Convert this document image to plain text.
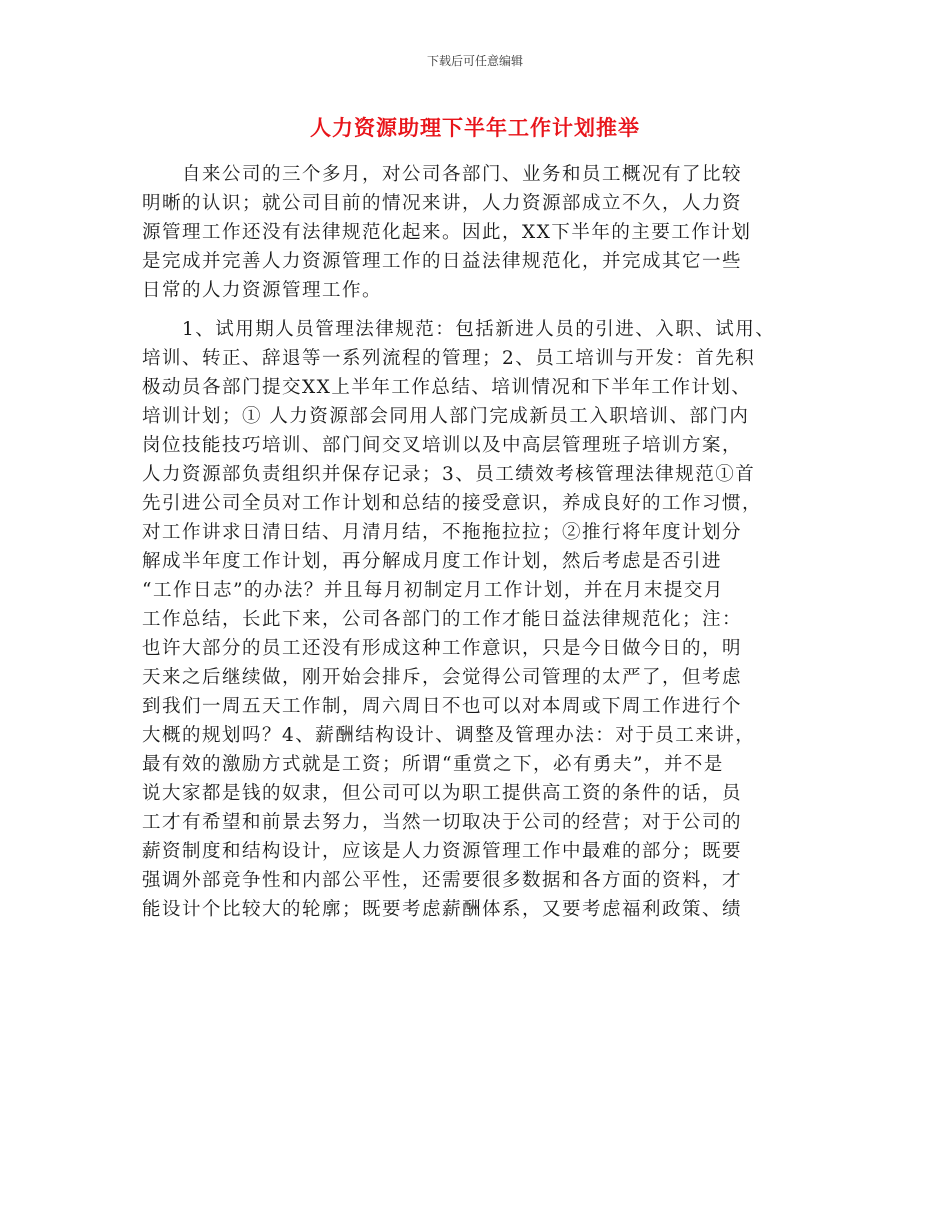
下载后可任意编辑
人力资源助理下半年工作计划推举
自来公司的三个多月，对公司各部门、业务和员工概况有了比较
明晰的认识；就公司目前的情况来讲，人力资源部成立不久，人力资
源管理工作还没有法律规范化起来。因此，XX下半年的主要工作计划
是完成并完善人力资源管理工作的日益法律规范化，并完成其它一些
日常的人力资源管理工作。
1、试用期人员管理法律规范：包括新进人员的引进、入职、试用、
培训、转正、辞退等一系列流程的管理；2、员工培训与开发：首先积
极动员各部门提交XX上半年工作总结、培训情况和下半年工作计划、
培训计划；① 人力资源部会同用人部门完成新员工入职培训、部门内
岗位技能技巧培训、部门间交叉培训以及中高层管理班子培训方案，
人力资源部负责组织并保存记录；3、员工绩效考核管理法律规范①首
先引进公司全员对工作计划和总结的接受意识，养成良好的工作习惯，
对工作讲求日清日结、月清月结，不拖拖拉拉；②推行将年度计划分
解成半年度工作计划，再分解成月度工作计划，然后考虑是否引进
“工作日志”的办法？并且每月初制定月工作计划，并在月末提交月
工作总结，长此下来，公司各部门的工作才能日益法律规范化；注：
也许大部分的员工还没有形成这种工作意识，只是今日做今日的，明
天来之后继续做，刚开始会排斥，会觉得公司管理的太严了，但考虑
到我们一周五天工作制，周六周日不也可以对本周或下周工作进行个
大概的规划吗？4、薪酬结构设计、调整及管理办法：对于员工来讲，
最有效的激励方式就是工资；所谓“重赏之下，必有勇夫”，并不是
说大家都是钱的奴隶，但公司可以为职工提供高工资的条件的话，员
工才有希望和前景去努力，当然一切取决于公司的经营；对于公司的
薪资制度和结构设计，应该是人力资源管理工作中最难的部分；既要
强调外部竞争性和内部公平性，还需要很多数据和各方面的资料，才
能设计个比较大的轮廓；既要考虑薪酬体系，又要考虑福利政策、绩
